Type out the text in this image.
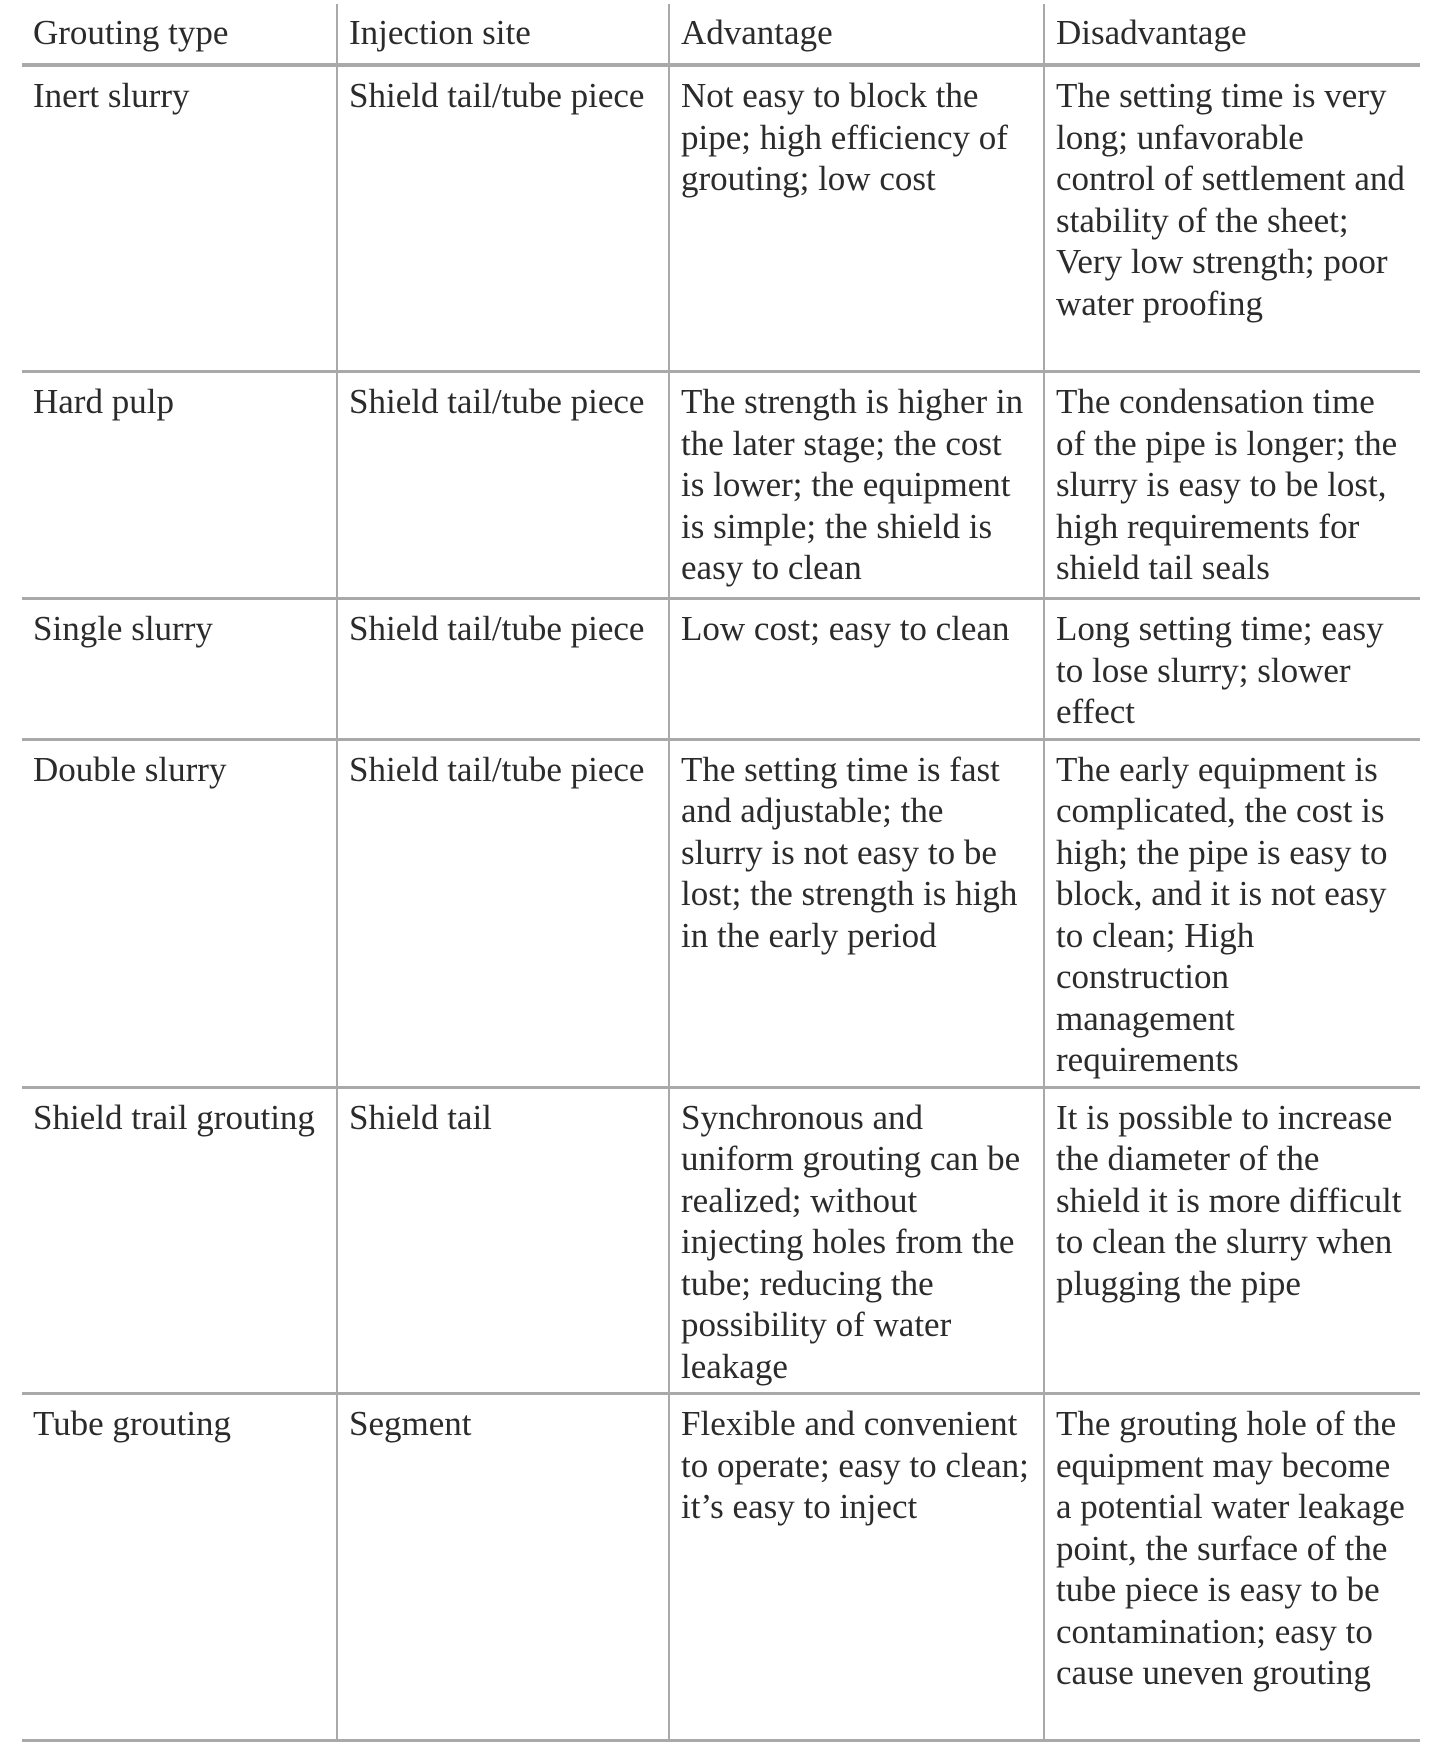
Grouting type	Injection site	Advantage	Disadvantage
Inert slurry	Shield tail/tube piece	Not easy to block the pipe; high efficiency of grouting; low cost	The setting time is very long; unfavorable control of settlement and stability of the sheet; Very low strength; poor water proofing
Hard pulp	Shield tail/tube piece	The strength is higher in the later stage; the cost is lower; the equipment is simple; the shield is easy to clean	The condensation time of the pipe is longer; the slurry is easy to be lost, high requirements for shield tail seals
Single slurry	Shield tail/tube piece	Low cost; easy to clean	Long setting time; easy to lose slurry; slower effect
Double slurry	Shield tail/tube piece	The setting time is fast and adjustable; the slurry is not easy to be lost; the strength is high in the early period	The early equipment is complicated, the cost is high; the pipe is easy to block, and it is not easy to clean; High construction management requirements
Shield trail grouting	Shield tail	Synchronous and uniform grouting can be realized; without injecting holes from the tube; reducing the possibility of water leakage	It is possible to increase the diameter of the shield it is more difficult to clean the slurry when plugging the pipe
Tube grouting	Segment	Flexible and convenient to operate; easy to clean; it’s easy to inject	The grouting hole of the equipment may become a potential water leakage point, the surface of the tube piece is easy to be contamination; easy to cause uneven grouting
